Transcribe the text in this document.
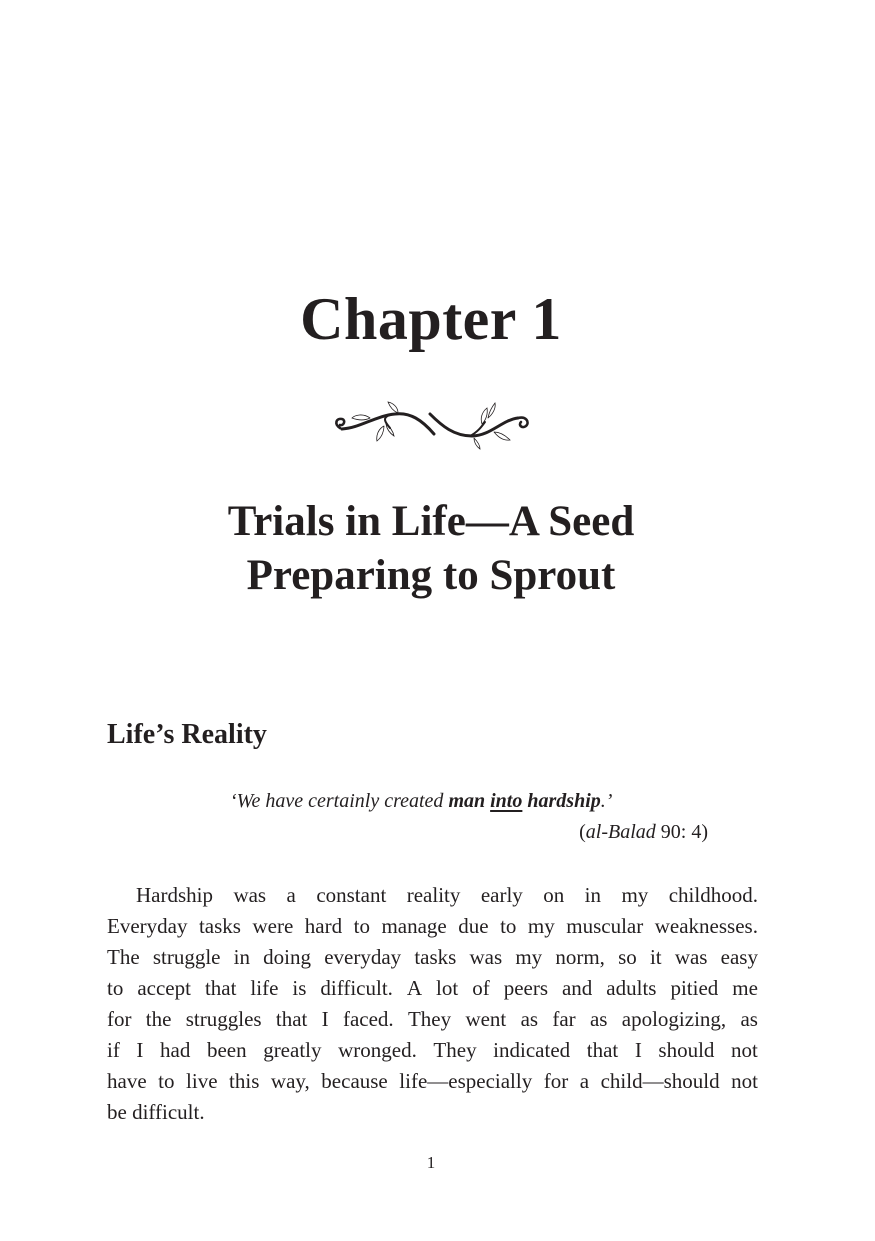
Chapter 1
Trials in Life—A Seed
Preparing to Sprout
Life’s Reality
‘We have certainly created man into hardship.’
(al-Balad 90: 4)
Hardship was a constant reality early on in my childhood.
Everyday tasks were hard to manage due to my muscular weaknesses.
The struggle in doing everyday tasks was my norm, so it was easy
to accept that life is difficult. A lot of peers and adults pitied me
for the struggles that I faced. They went as far as apologizing, as
if I had been greatly wronged. They indicated that I should not
have to live this way, because life—especially for a child—should not
be difficult.
1
